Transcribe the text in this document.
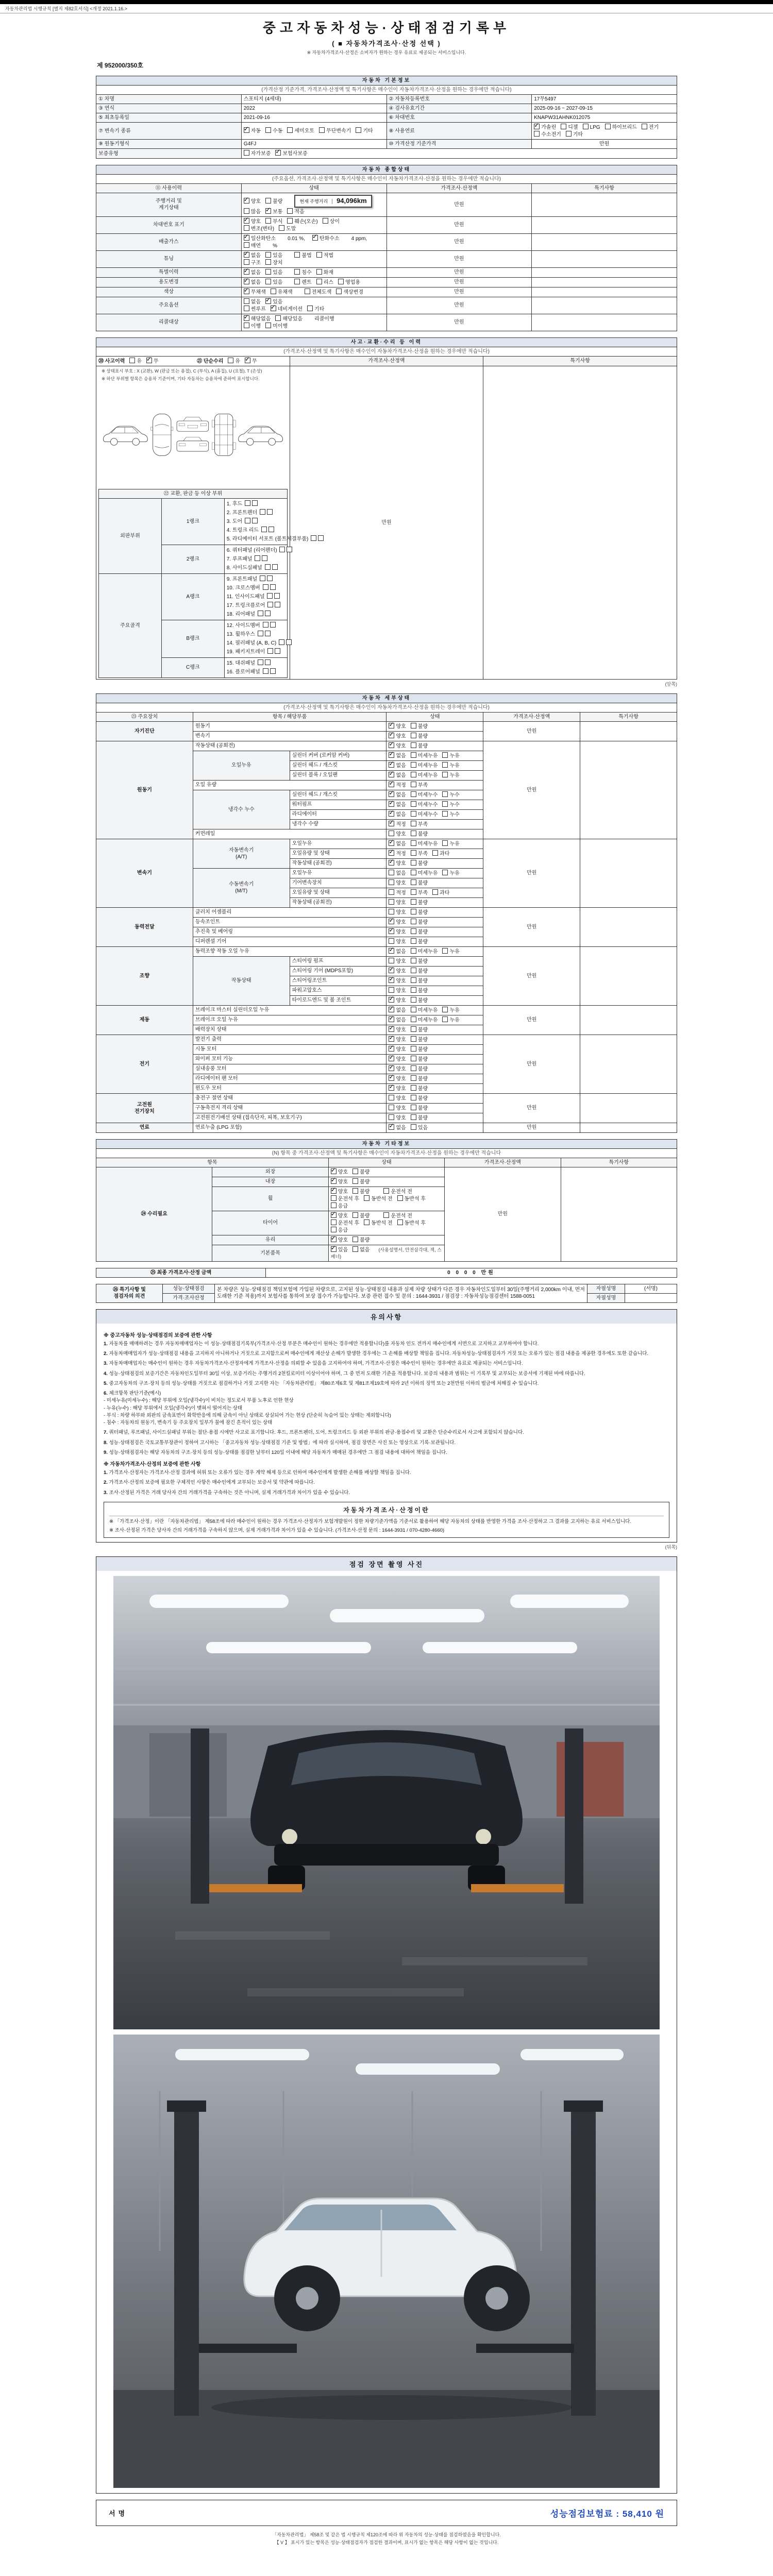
자동차관리법 시행규칙 [별지 제82호서식] <개정 2021.1.16.>
중고자동차성능·상태점검기록부
( ■ 자동차가격조사·산정 선택 )
※ 자동차가격조사·산정은 소비자가 원하는 경우 유료로 제공되는 서비스입니다.
제 952000/350호
자동차 기본정보			
(가격산정 기준가격, 가격조사·산정액 및 특기사항은 매수인이 자동차가격조사·산정을 원하는 경우에만 적습니다)			
① 차명	스포티지 (4세대)	② 자동차등록번호	17무5497
③ 연식	2022	④ 검사유효기간	2025-09-16 ~ 2027-09-15
⑤ 최초등록일	2021-09-16	⑥ 차대번호	KNAPW31AHNK012075
⑦ 변속기 종류	✓자동 수동 세미오토 무단변속기 기타	⑧ 사용연료	✓가솔린 디젤 LPG 하이브리드 전기수소전기 기타
⑨ 원동기형식	G4FJ	⑩ 가격산정 기준가격	만원
보증유형	자가보증 ✓ 보험사보증
자동차 종합상태			
(주요옵션, 가격조사·산정액 및 특기사항은 매수인이 자동차가격조사·산정을 원하는 경우에만 적습니다)			
⑪ 사용이력	상태	가격조사·산정액	특기사항
주행거리 및
계기상태	✓양호 불량 현재 주행거리 94,096km많음 ✓ 보통 적음	만원	
차대번호 표기	✓양호 부식 훼손(오손) 상이변조(변타) 도말	만원	
배출가스	✓일산화탄소 0.01 %, ✓ 탄화수소 4 ppm,매연 %	만원	
튜닝	✓없음 있음 불법 적법구조 장치	만원	
특별이력	✓없음 있음 침수 화재	만원	
용도변경	✓없음 있음 렌트 리스 영업용	만원	
색상	✓무채색 유채색 전체도색 색상변경	만원	
주요옵션	없음 ✓ 있음썬루프 ✓ 네비게이션 기타	만원	
리콜대상	✓해당없음 해당있음 리콜이행이행 미이행	만원	
사고·교환·수리 등 이력
(가격조사·산정액 및 특기사항은 매수인이 자동차가격조사·산정을 원하는 경우에만 적습니다)
⑳ 사고이력 유 ✓ 무	㉑ 단순수리 유 ✓ 무	가격조사·산정액	특기사항

※ 상태표시 부호 : X (교환), W (판금 또는 용접), C (부식), A (흠집), U (요철), T (손상)
※ 하단 부위별 항목은 승용차 기준이며, 기타 자동차는 승용차에 준하여 표시합니다.
㉒ 교환, 판금 등 이상 부위
외판부위	1랭크	1. 후드 2. 프론트펜더 3. 도어 4. 트렁크 리드 5. 라디에이터 서포트 (볼트체결부품)
2랭크	6. 쿼터패널 (리어펜더) 7. 루프패널 8. 사이드실패널
주요골격	A랭크	9. 프론트패널 10. 크로스멤버 11. 인사이드패널 17. 트렁크플로어 18. 리어패널
B랭크	12. 사이드멤버 13. 휠하우스 14. 필러패널 (A, B, C) 19. 패키지트레이
C랭크	15. 대쉬패널 16. 플로어패널
	만원	
(앞쪽)
자동차 세부상태					
(가격조사·산정액 및 특기사항은 매수인이 자동차가격조사·산정을 원하는 경우에만 적습니다)					
㉓ 주요장치	항목 / 해당부품		상태	가격조사·산정액	특기사항
자기진단	원동기	✓양호 불량	만원	
	변속기	✓양호 불량
원동기	작동상태 (공회전)	✓양호 불량	만원	
	오일누유	실린더 커버 (로커암 커버)	✓없음 미세누유 누유
		실린더 헤드 / 개스킷	✓없음 미세누유 누유
		실린더 블록 / 오일팬	✓없음 미세누유 누유
	오일 유량	✓적정 부족
	냉각수 누수	실린더 헤드 / 개스킷	✓없음 미세누수 누수
		워터펌프	✓없음 미세누수 누수
		라디에이터	✓없음 미세누수 누수
		냉각수 수량	✓적정 부족
	커먼레일		양호 불량		
변속기	자동변속기
(A/T)	오일누유	✓없음 미세누유 누유	만원	
		오일유량 및 상태	✓적정 부족 과다
		작동상태 (공회전)	✓양호 불량
	수동변속기
(M/T)	오일누유	없음 미세누유 누유		
		기어변속장치	양호 불량		
		오일유량 및 상태	적정 부족 과다		
		작동상태 (공회전)	양호 불량		
동력전달	클러치 어셈블리		양호 불량	만원	
	등속조인트	✓양호 불량
	추진축 및 베어링	✓양호 불량
	디퍼렌셜 기어		양호 불량		
조향	동력조향 작동 오일 누유	✓없음 미세누유 누유	만원	
	작동상태	스티어링 펌프	양호 불량		
		스티어링 기어 (MDPS포함)	✓양호 불량
		스티어링조인트	✓양호 불량
		파워고압호스	양호 불량		
		타이로드엔드 및 볼 조인트	✓양호 불량
제동	브레이크 마스터 실린더오일 누유	✓없음 미세누유 누유	만원	
	브레이크 오일 누유	✓없음 미세누유 누유
	배력장치 상태	✓양호 불량
전기	발전기 출력	✓양호 불량	만원	
	시동 모터	✓양호 불량
	와이퍼 모터 기능	✓양호 불량
	실내송풍 모터	✓양호 불량
	라디에이터 팬 모터	✓양호 불량
	윈도우 모터	✓양호 불량
고전원
전기장치	충전구 절연 상태		양호 불량	만원	
	구동축전지 격리 상태		양호 불량		
	고전원전기배선 상태 (접속단자, 피복, 보호기구)		양호 불량		
연료	연료누출 (LPG 포함)	✓없음 있음	만원	
자동차 기타정보				
(N) 항목 중 가격조사·산정액 및 특기사항은 매수인이 자동차가격조사·산정을 원하는 경우에만 적습니다				
항목		상태	가격조사·산정액	특기사항
㉔ 수리필요	외장	✓양호 불량	만원	
	내장	✓양호 불량
	휠	✓양호 불량 운전석 전운전석 후 동반석 전 동반석 후응급
	타이어	✓양호 불량 운전석 전운전석 후 동반석 전 동반석 후응급
	유리	✓양호 불량
	기본품목	✓있음 없음 (사용설명서, 안전삼각대, 잭, 스패너)
㉕ 최종 가격조사·산정 금액	0 0 0 0 만원
㉖ 특기사항 및
점검자의 의견	성능·상태점검	본 차량은 성능·상태점검 책임보험에 가입된 차량으로, 고지된 성능·상태점검 내용과 실제 차량 상태가 다른 경우 자동차인도일부터 30일(주행거리 2,000km 이내, 먼저 도래한 기준 적용)까지 보험사를 통하여 보상 접수가 가능합니다. 보증 관련 접수 및 문의 : 1644-3931 / 점검장 : 자동차성능점검센터 1588-0051	자필성명	(서명)
	가격·조사산정		자필성명	
유의사항
※ 중고자동차 성능·상태점검의 보증에 관한 사항
1. 자동차를 매매하려는 경우 자동차매매업자는 이 성능·상태점검기록부(가격조사·산정 부분은 매수인이 원하는 경우에만 적용합니다)를 자동차 인도 전까지 매수인에게 서면으로 고지하고 교부하여야 합니다.
2. 자동차매매업자가 성능·상태점검 내용을 고지하지 아니하거나 거짓으로 고지함으로써 매수인에게 재산상 손해가 발생한 경우에는 그 손해를 배상할 책임을 집니다. 자동차성능·상태점검자가 거짓 또는 오류가 있는 점검 내용을 제공한 경우에도 또한 같습니다.
3. 자동차매매업자는 매수인이 원하는 경우 자동차가격조사·산정자에게 가격조사·산정을 의뢰할 수 있음을 고지하여야 하며, 가격조사·산정은 매수인이 원하는 경우에만 유료로 제공되는 서비스입니다.
4. 성능·상태점검의 보증기간은 자동차인도일부터 30일 이상, 보증거리는 주행거리 2천킬로미터 이상이어야 하며, 그 중 먼저 도래한 기준을 적용합니다. 보증의 내용과 범위는 이 기록부 및 교부되는 보증서에 기재된 바에 따릅니다.
5. 중고자동차의 구조·장치 등의 성능·상태를 거짓으로 점검하거나 거짓 고지한 자는 「자동차관리법」 제80조제6호 및 제81조제19호에 따라 2년 이하의 징역 또는 2천만원 이하의 벌금에 처해질 수 있습니다.
6. 체크항목 판단기준(예시)
- 미세누유(미세누수) : 해당 부위에 오일(냉각수)이 비치는 정도로서 부품 노후로 인한 현상
- 누유(누수) : 해당 부위에서 오일(냉각수)이 맺혀서 떨어지는 상태
- 부식 : 차량 하부와 외판의 금속표면이 화학반응에 의해 금속이 아닌 상태로 상실되어 가는 현상 (단순히 녹슬어 있는 상태는 제외합니다)
- 침수 : 자동차의 원동기, 변속기 등 주요장치 일부가 물에 잠긴 흔적이 있는 상태
7. 쿼터패널, 루프패널, 사이드실패널 부위는 절단·용접 시에만 사고로 표기합니다. 후드, 프론트펜더, 도어, 트렁크리드 등 외판 부위의 판금·용접수리 및 교환은 단순수리로서 사고에 포함되지 않습니다.
8. 성능·상태점검은 국토교통부장관이 정하여 고시하는 「중고자동차 성능·상태점검 기준 및 방법」에 따라 실시하며, 점검 장면은 사진 또는 영상으로 기록·보관됩니다.
9. 성능·상태점검자는 해당 자동차의 구조·장치 등의 성능·상태를 점검한 날부터 120일 이내에 해당 자동차가 매매된 경우에만 그 점검 내용에 대하여 책임을 집니다.
※ 자동차가격조사·산정의 보증에 관한 사항
1. 가격조사·산정자는 가격조사·산정 결과에 허위 또는 오류가 있는 경우 계약 해제 등으로 인하여 매수인에게 발생한 손해를 배상할 책임을 집니다.
2. 가격조사·산정의 보증에 필요한 구체적인 사항은 매수인에게 교부되는 보증서 및 약관에 따릅니다.
3. 조사·산정된 가격은 거래 당사자 간의 거래가격을 구속하는 것은 아니며, 실제 거래가격과 차이가 있을 수 있습니다.
자동차가격조사·산정이란
※ 「가격조사·산정」이란 「자동차관리법」 제58조에 따라 매수인이 원하는 경우 가격조사·산정자가 보험개발원이 정한 차량기준가액을 기준서로 활용하여 해당 자동차의 상태를 반영한 가격을 조사·산정하고 그 결과를 고지하는 유료 서비스입니다.
※ 조사·산정된 가격은 당사자 간의 거래가격을 구속하지 않으며, 실제 거래가격과 차이가 있을 수 있습니다. (가격조사·산정 문의 : 1644-3931 / 070-4280-4660)
(뒤쪽)
점검 장면 촬영 사진
서명	성능점검보험료 : 58,410 원
「자동차관리법」 제58조 및 같은 법 시행규칙 제120조에 따라 위 자동차의 성능·상태를 점검하였음을 확인합니다.
【 V 】 표시가 있는 항목은 성능·상태점검자가 점검한 결과이며, 표시가 없는 항목은 해당 사항이 없는 것입니다.
